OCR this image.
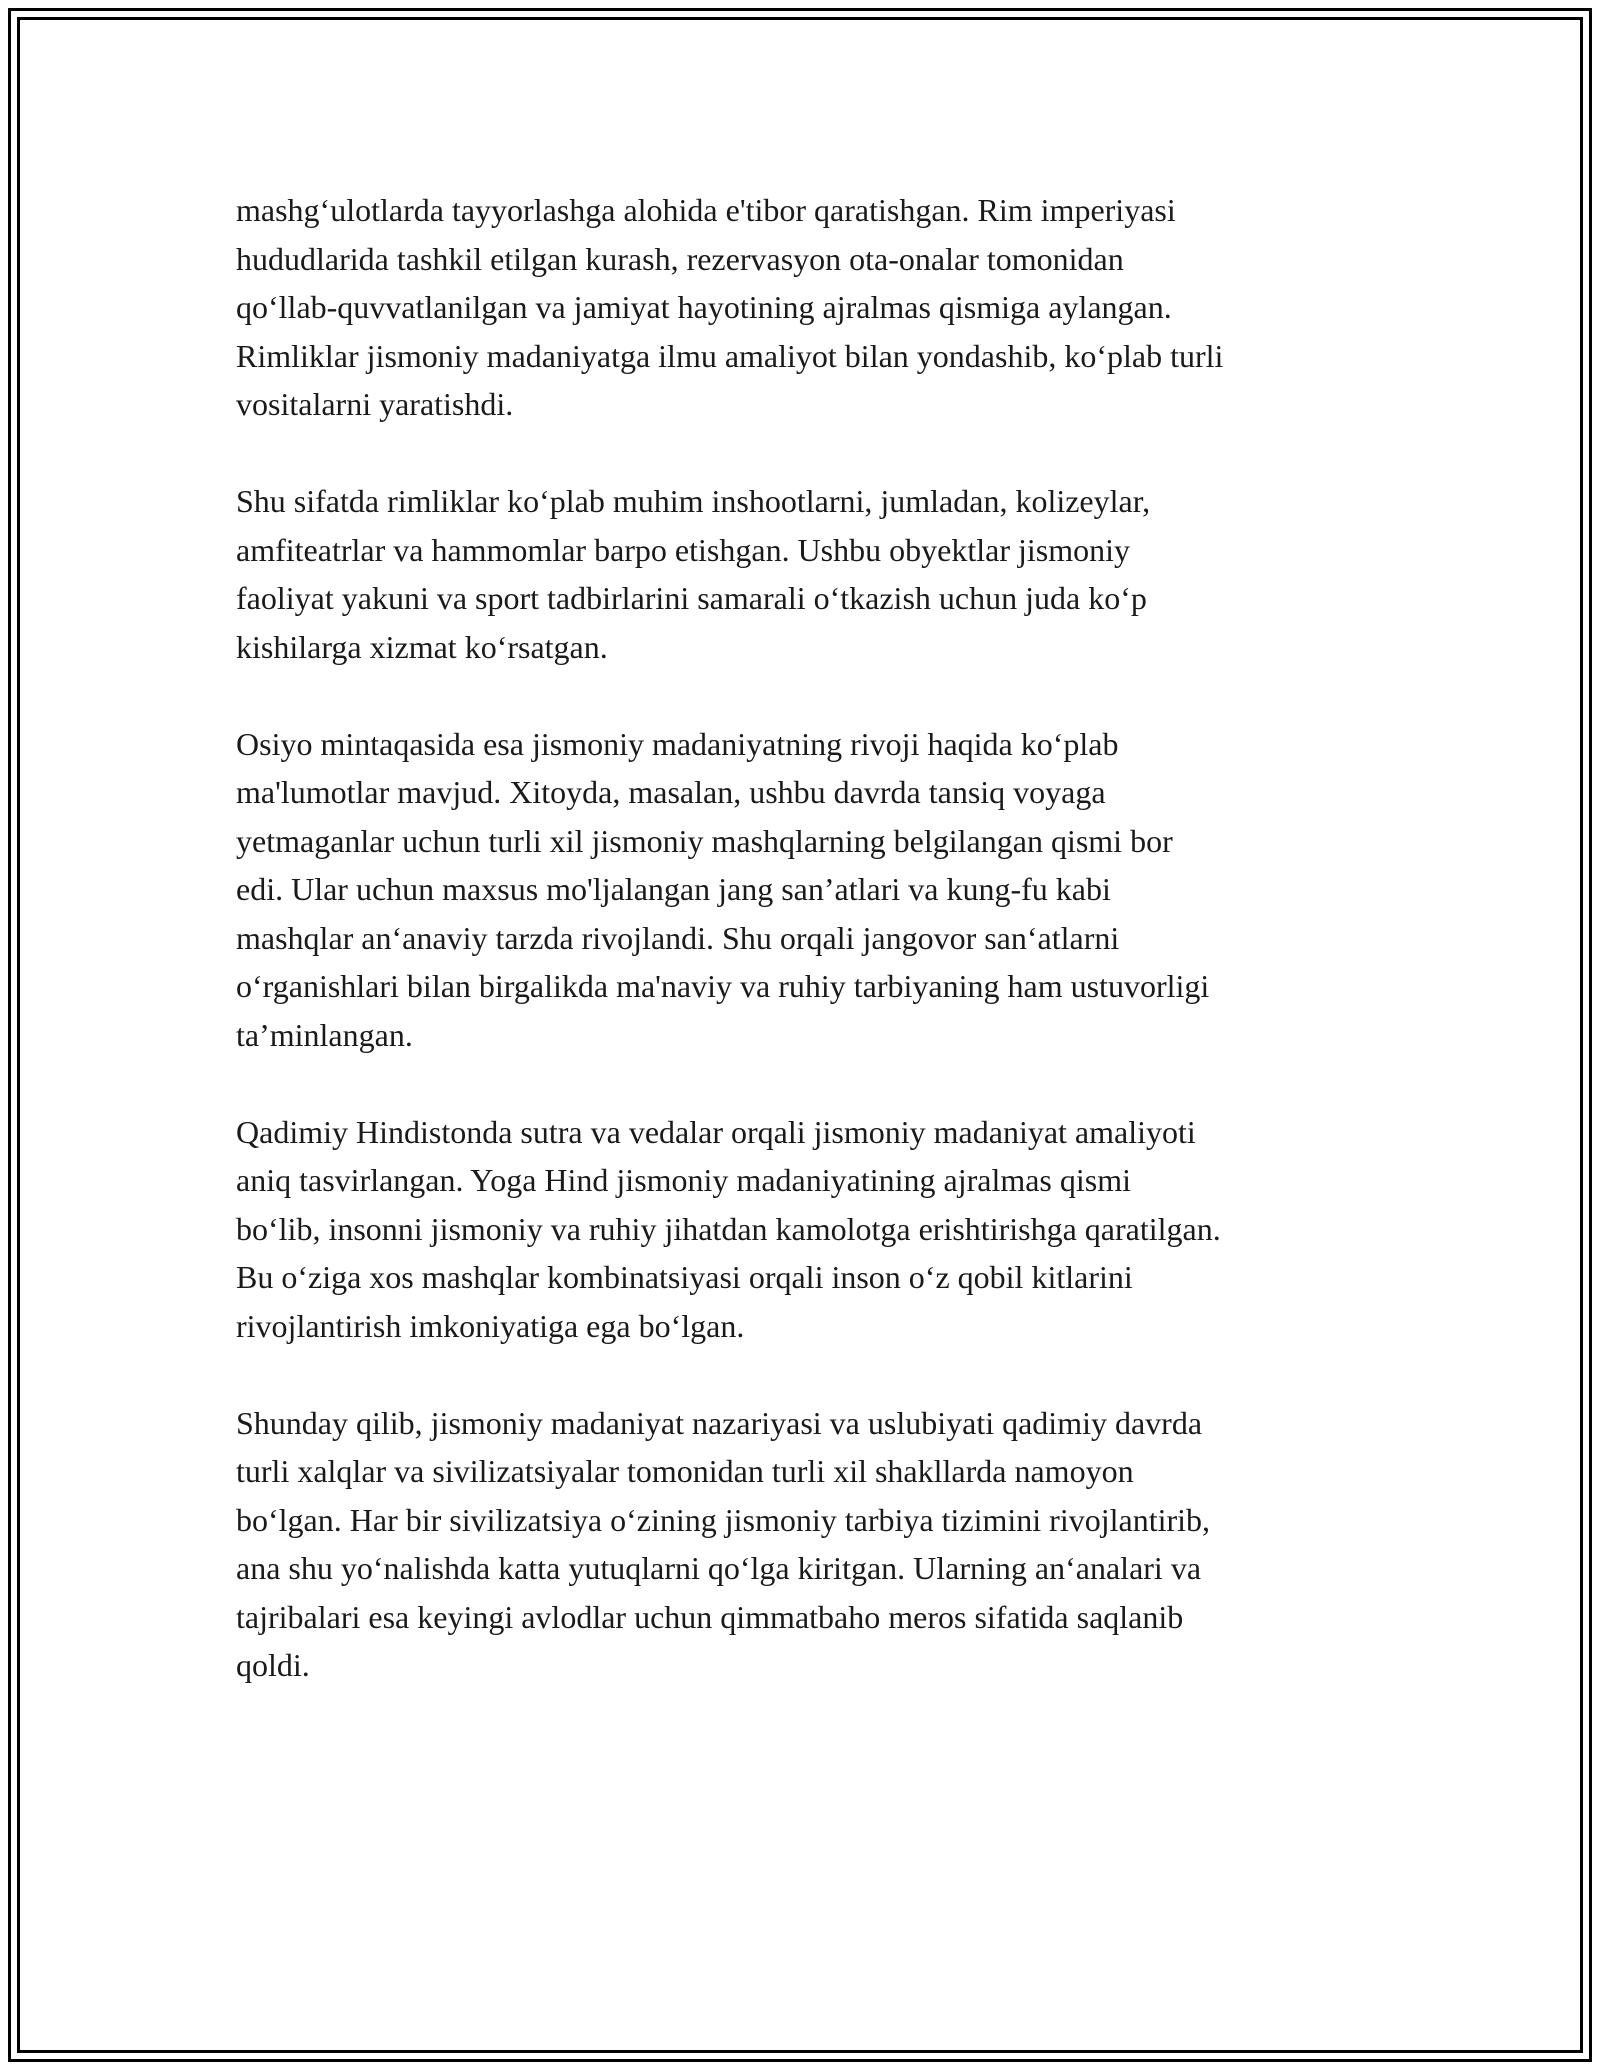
mashg‘ulotlarda tayyorlashga alohida e'tibor qaratishgan. Rim imperiyasi
hududlarida tashkil etilgan kurash, rezervasyon ota-onalar tomonidan
qo‘llab-quvvatlanilgan va jamiyat hayotining ajralmas qismiga aylangan.
Rimliklar jismoniy madaniyatga ilmu amaliyot bilan yondashib, ko‘plab turli
vositalarni yaratishdi.

Shu sifatda rimliklar ko‘plab muhim inshootlarni, jumladan, kolizeylar,
amfiteatrlar va hammomlar barpo etishgan. Ushbu obyektlar jismoniy
faoliyat yakuni va sport tadbirlarini samarali o‘tkazish uchun juda ko‘p
kishilarga xizmat ko‘rsatgan.

Osiyo mintaqasida esa jismoniy madaniyatning rivoji haqida ko‘plab
ma'lumotlar mavjud. Xitoyda, masalan, ushbu davrda tansiq voyaga
yetmaganlar uchun turli xil jismoniy mashqlarning belgilangan qismi bor
edi. Ular uchun maxsus mo'ljalangan jang san’atlari va kung-fu kabi
mashqlar an‘anaviy tarzda rivojlandi. Shu orqali jangovor san‘atlarni
o‘rganishlari bilan birgalikda ma'naviy va ruhiy tarbiyaning ham ustuvorligi
ta’minlangan.

Qadimiy Hindistonda sutra va vedalar orqali jismoniy madaniyat amaliyoti
aniq tasvirlangan. Yoga Hind jismoniy madaniyatining ajralmas qismi
bo‘lib, insonni jismoniy va ruhiy jihatdan kamolotga erishtirishga qaratilgan.
Bu o‘ziga xos mashqlar kombinatsiyasi orqali inson o‘z qobil kitlarini
rivojlantirish imkoniyatiga ega bo‘lgan.

Shunday qilib, jismoniy madaniyat nazariyasi va uslubiyati qadimiy davrda
turli xalqlar va sivilizatsiyalar tomonidan turli xil shakllarda namoyon
bo‘lgan. Har bir sivilizatsiya o‘zining jismoniy tarbiya tizimini rivojlantirib,
ana shu yo‘nalishda katta yutuqlarni qo‘lga kiritgan. Ularning an‘analari va
tajribalari esa keyingi avlodlar uchun qimmatbaho meros sifatida saqlanib
qoldi.
